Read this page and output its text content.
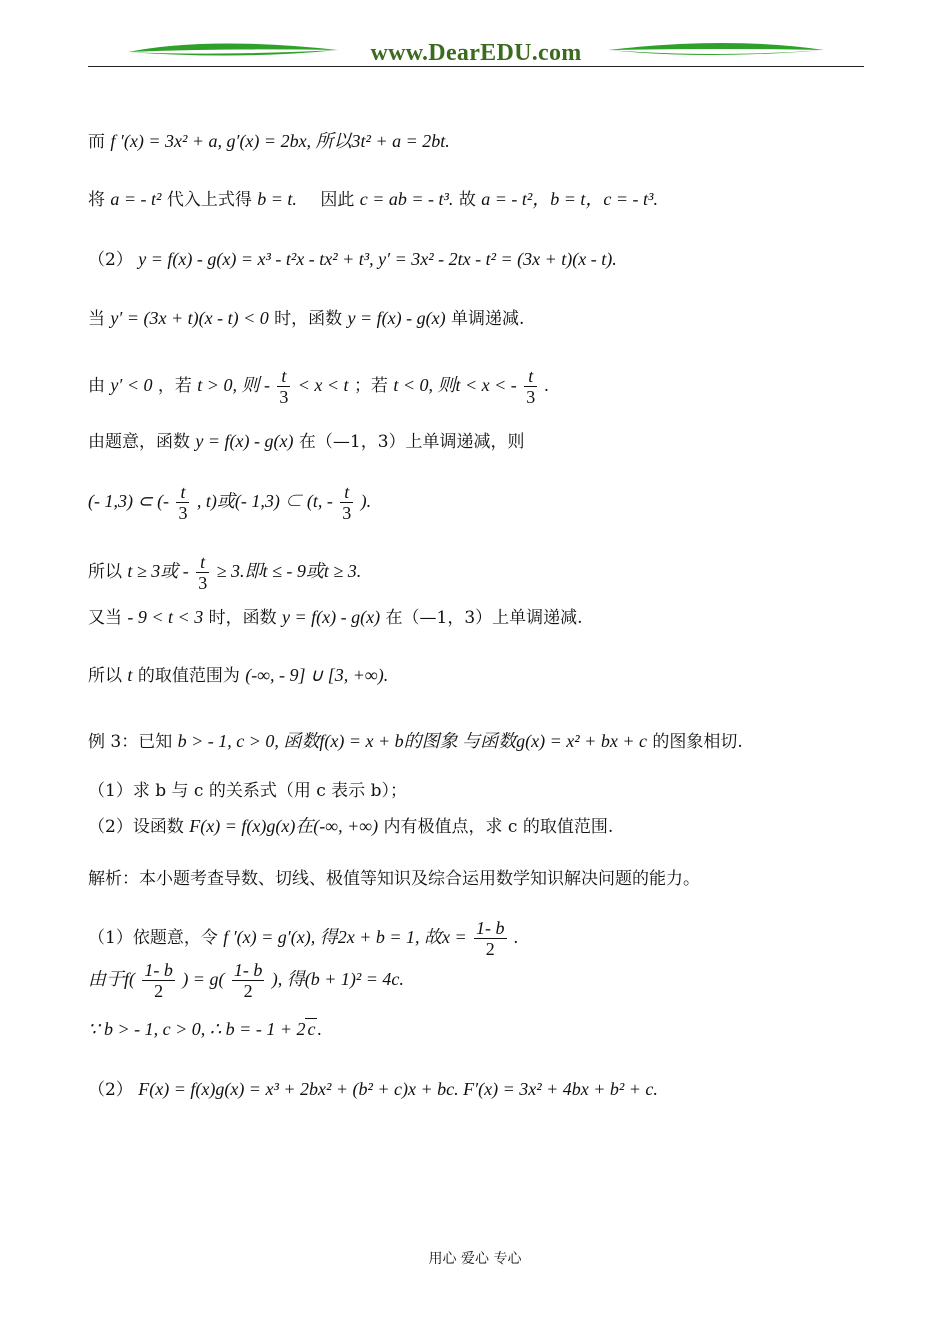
www.DearEDU.com
而 f ′(x) = 3x² + a, g′(x) = 2bx, 所以3t² + a = 2bt.
将 a = - t² 代入上式得 b = t. 因此 c = ab = - t³. 故 a = - t²，b = t，c = - t³.
（2） y = f(x) - g(x) = x³ - t²x - tx² + t³, y′ = 3x² - 2tx - t² = (3x + t)(x - t).
当 y′ = (3x + t)(x - t) < 0 时，函数 y = f(x) - g(x) 单调递减.
由 y′ < 0 ，若 t > 0, 则 - $\frac{t}{3} < x < t$ ；若 t < 0, 则t < x < - $\frac{t}{3}$ .
由题意，函数 y = f(x) - g(x) 在（—1，3）上单调递减，则
(- 1,3) ⊂ (- $\frac{t}{3}$ , t)或(- 1,3) ⊂ (t, - $\frac{t}{3}$ ).
所以 t ≥ 3或 - $\frac{t}{3} \ge 3$.即t ≤ - 9或t ≥ 3.
又当 - 9 < t < 3 时，函数 y = f(x) - g(x) 在（—1，3）上单调递减.
所以 t 的取值范围为 (-∞, - 9] ∪ [3, +∞).
例 3：已知 b > - 1, c > 0, 函数f(x) = x + b的图象 与函数g(x) = x² + bx + c 的图象相切.
（1）求 b 与 c 的关系式（用 c 表示 b）；
（2）设函数 F(x) = f(x)g(x)在(-∞, +∞) 内有极值点，求 c 的取值范围.
解析：本小题考查导数、切线、极值等知识及综合运用数学知识解决问题的能力。
（1）依题意，令 f ′(x) = g′(x), 得2x + b = 1, 故$x = \frac{1- b}{2}$ .
由于$f( \frac{1- b}{2}$ ) = $g( \frac{1- b}{2}$ ), 得(b + 1)² = 4c.
∵ b > - 1, c > 0, ∴ b = - 1 + 2 c .
（2） F(x) = f(x)g(x) = x³ + 2bx² + (b² + c)x + bc. F′(x) = 3x² + 4bx + b² + c.
用心 爱心 专心
